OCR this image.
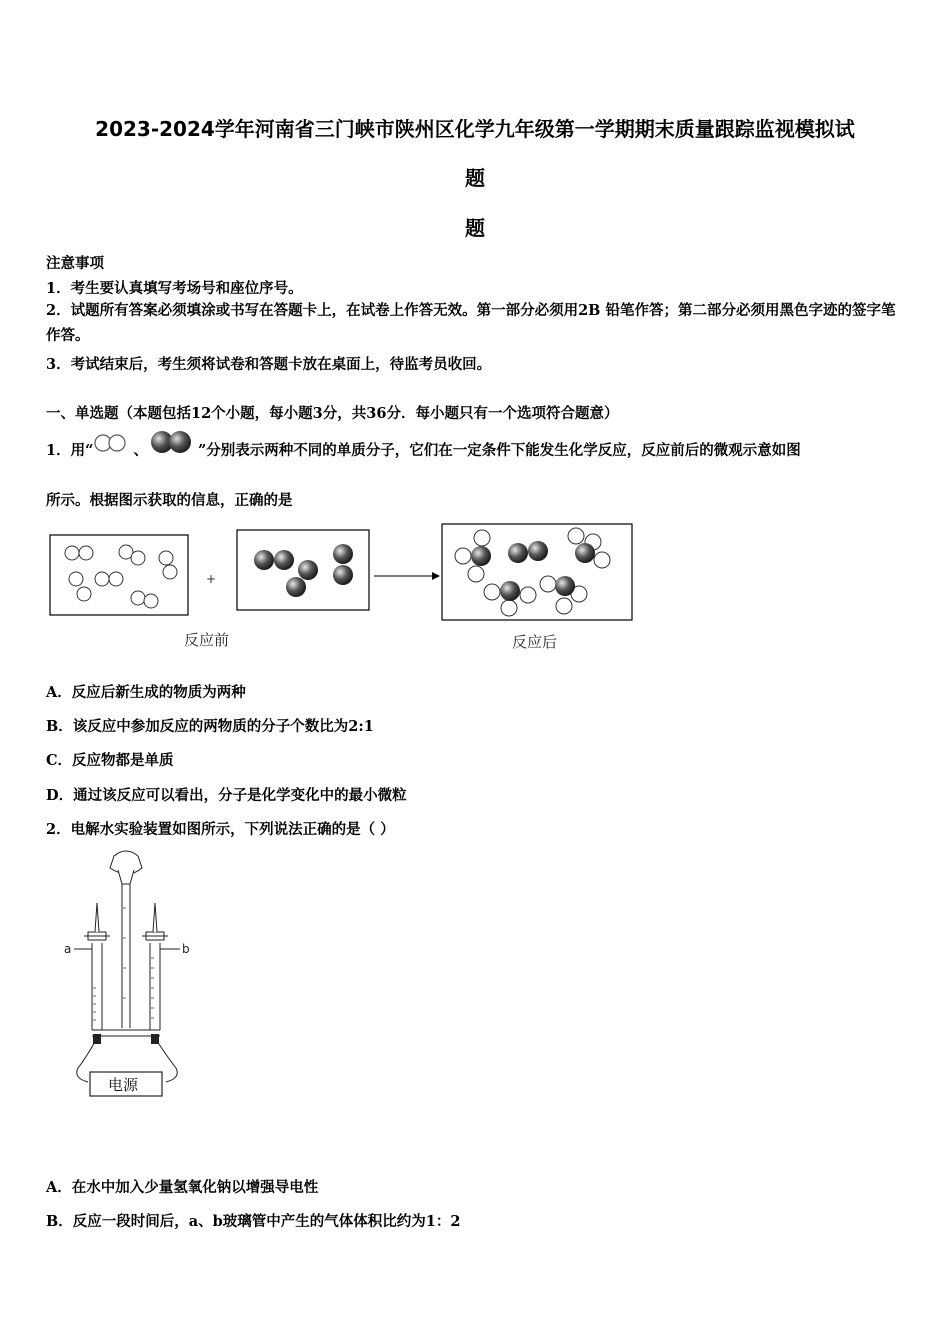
2023-2024学年河南省三门峡市陕州区化学九年级第一学期期末质量跟踪监视模拟试
题
题
注意事项
1．考生要认真填写考场号和座位序号。
2．试题所有答案必须填涂或书写在答题卡上，在试卷上作答无效。第一部分必须用2B 铅笔作答；第二部分必须用黑色字迹的签字笔作答。
3．考试结束后，考生须将试卷和答题卡放在桌面上，待监考员收回。
一、单选题（本题包括12个小题，每小题3分，共36分．每小题只有一个选项符合题意）
1．用“	、	”分别表示两种不同的单质分子，它们在一定条件下能发生化学反应，反应前后的微观示意如图
所示。根据图示获取的信息，正确的是
+
反应前	反应后
A．反应后新生成的物质为两种
B．该反应中参加反应的两物质的分子个数比为2:1
C．反应物都是单质
D．通过该反应可以看出，分子是化学变化中的最小微粒
2．电解水实验装置如图所示，下列说法正确的是（ ）
a	b
电源
A．在水中加入少量氢氧化钠以增强导电性
B．反应一段时间后，a、b玻璃管中产生的气体体积比约为1：2
